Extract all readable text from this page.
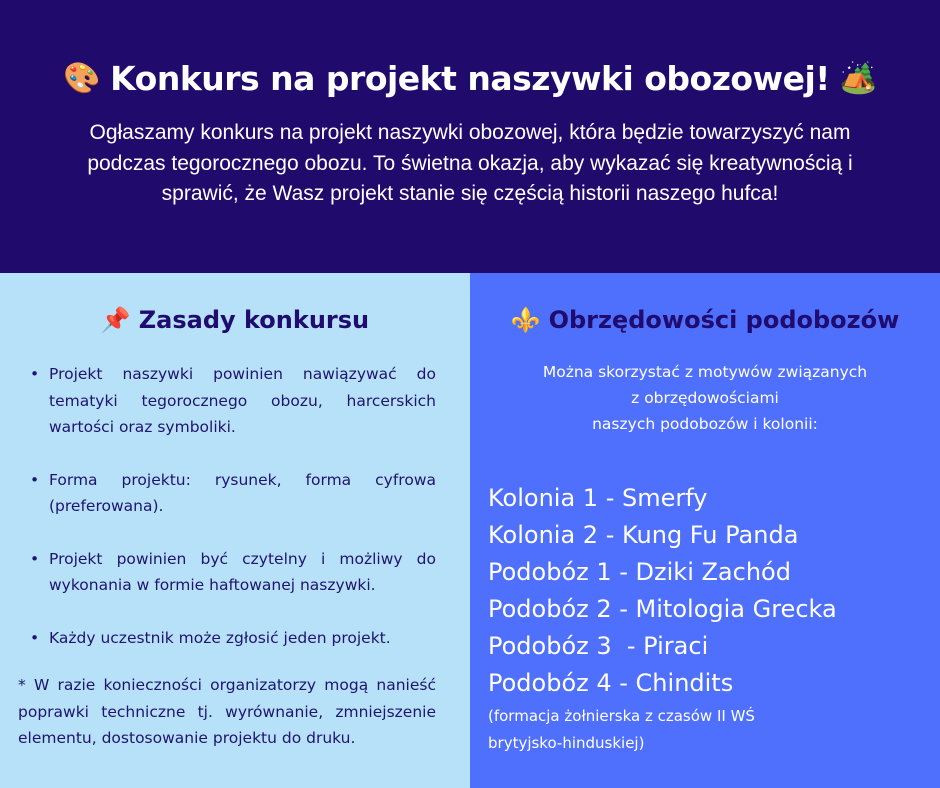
🎨 Konkurs na projekt naszywki obozowej! 🏕️
Ogłaszamy konkurs na projekt naszywki obozowej, która będzie towarzyszyć nam podczas tegorocznego obozu. To świetna okazja, aby wykazać się kreatywnością i sprawić, że Wasz projekt stanie się częścią historii naszego hufca!
📌 Zasady konkursu
• Projekt naszywki powinien nawiązywać do tematyki tegorocznego obozu, harcerskich wartości oraz symboliki.
• Forma projektu: rysunek, forma cyfrowa (preferowana).
• Projekt powinien być czytelny i możliwy do wykonania w formie haftowanej naszywki.
• Każdy uczestnik może zgłosić jeden projekt.
* W razie konieczności organizatorzy mogą nanieść poprawki techniczne tj. wyrównanie, zmniejszenie elementu, dostosowanie projektu do druku.
⚜️ Obrzędowości podobozów
Można skorzystać z motywów związanych
z obrzędowościami
naszych podobozów i kolonii:
Kolonia 1 - Smerfy
Kolonia 2 - Kung Fu Panda
Podobóz 1 - Dziki Zachód
Podobóz 2 - Mitologia Grecka
Podobóz 3  - Piraci
Podobóz 4 - Chindits
(formacja żołnierska z czasów II WŚ
brytyjsko-hinduskiej)
